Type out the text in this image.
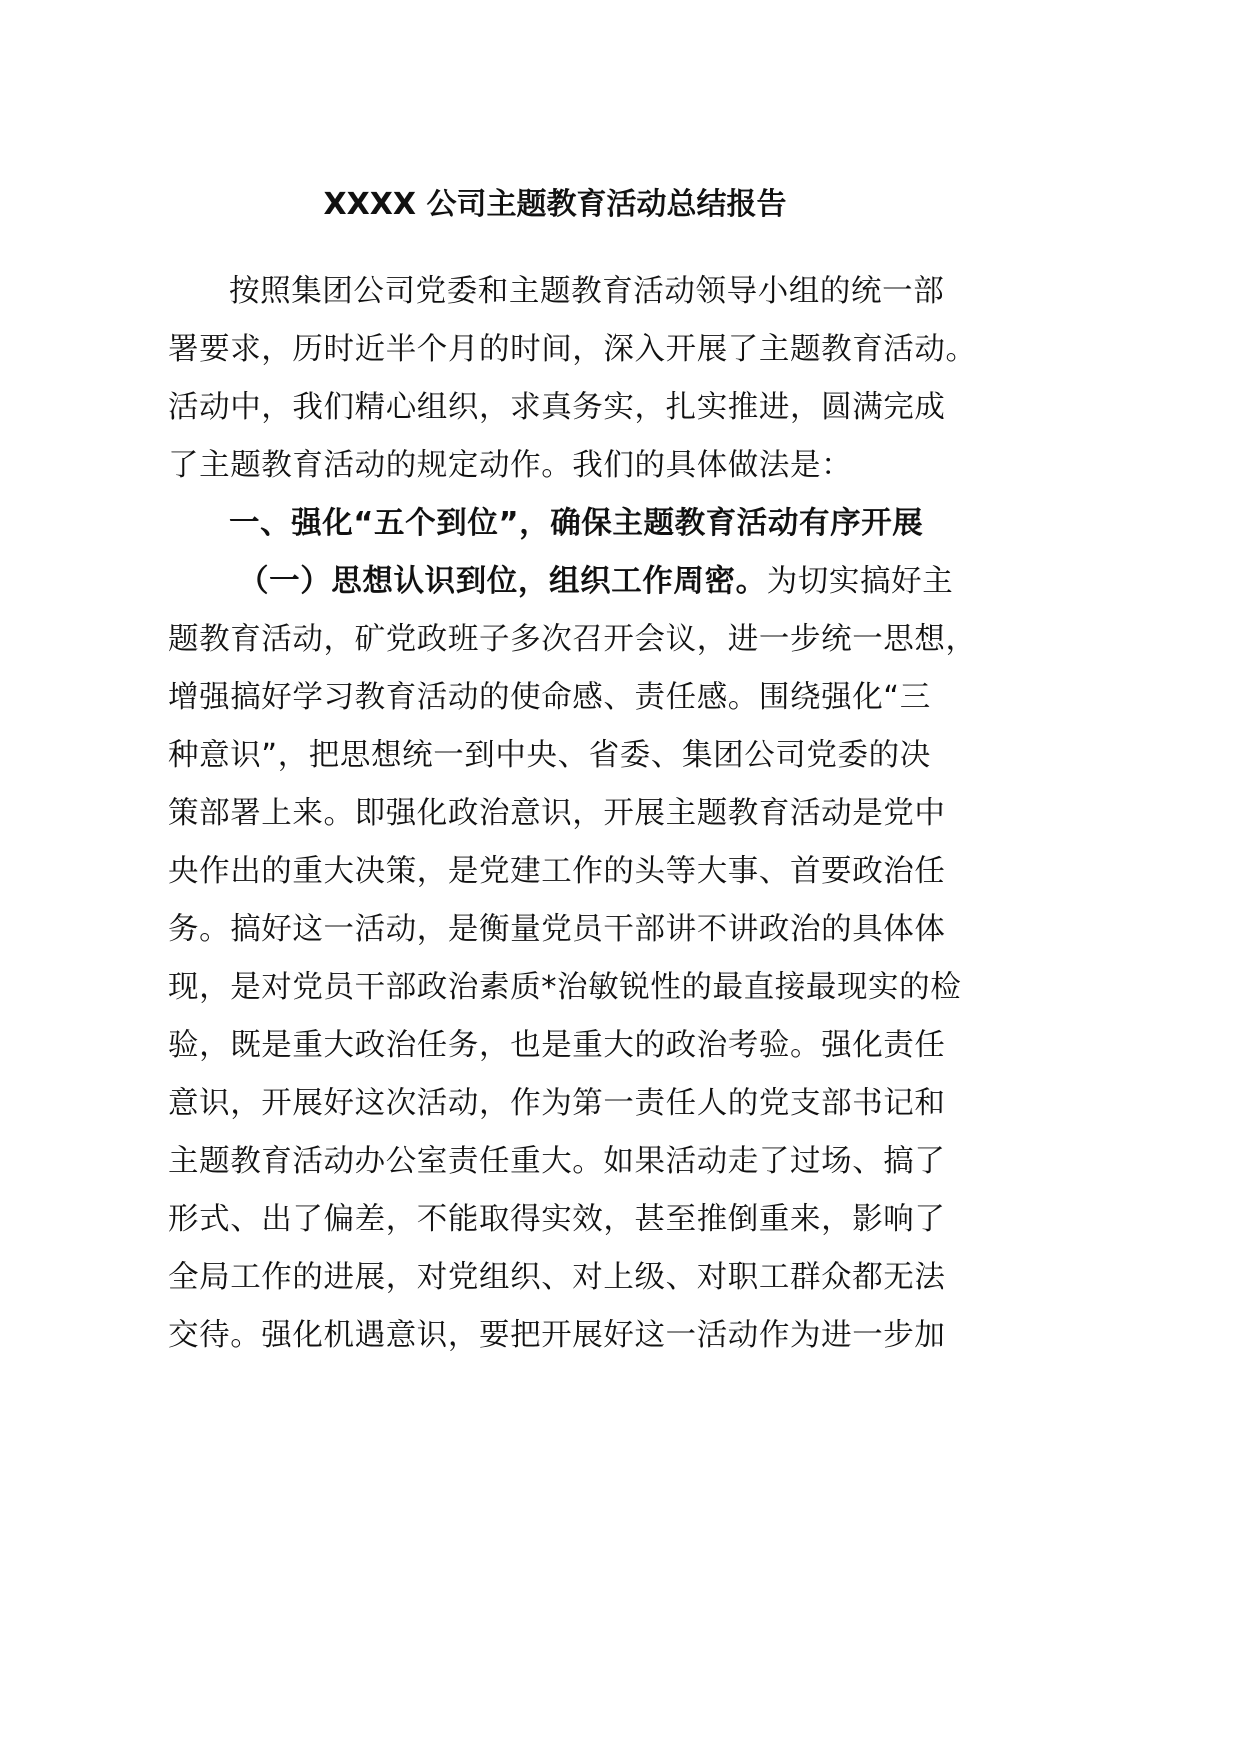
XXXX 公司主题教育活动总结报告
按照集团公司党委和主题教育活动领导小组的统一部
署要求，历时近半个月的时间，深入开展了主题教育活动。
活动中，我们精心组织，求真务实，扎实推进，圆满完成
了主题教育活动的规定动作。我们的具体做法是：
一、强化“五个到位”，确保主题教育活动有序开展
（一）思想认识到位，组织工作周密。为切实搞好主
题教育活动，矿党政班子多次召开会议，进一步统一思想，
增强搞好学习教育活动的使命感、责任感。围绕强化“三
种意识”，把思想统一到中央、省委、集团公司党委的决
策部署上来。即强化政治意识，开展主题教育活动是党中
央作出的重大决策，是党建工作的头等大事、首要政治任
务。搞好这一活动，是衡量党员干部讲不讲政治的具体体
现，是对党员干部政治素质*治敏锐性的最直接最现实的检
验，既是重大政治任务，也是重大的政治考验。强化责任
意识，开展好这次活动，作为第一责任人的党支部书记和
主题教育活动办公室责任重大。如果活动走了过场、搞了
形式、出了偏差，不能取得实效，甚至推倒重来，影响了
全局工作的进展，对党组织、对上级、对职工群众都无法
交待。强化机遇意识，要把开展好这一活动作为进一步加
